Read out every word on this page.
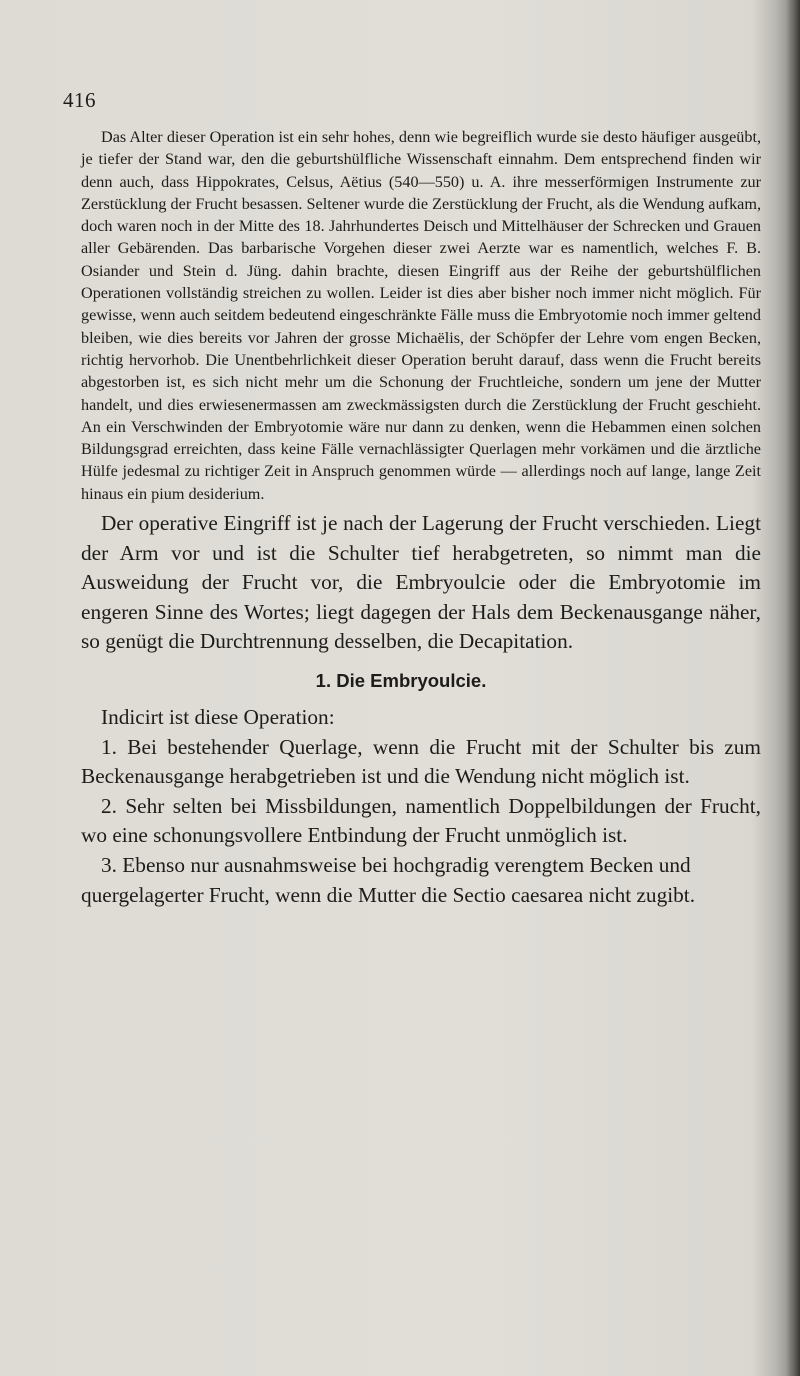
416

Das Alter dieser Operation ist ein sehr hohes, denn wie begreiflich wurde sie desto häufiger ausgeübt, je tiefer der Stand war, den die geburtshülfliche Wissenschaft einnahm. Dem entsprechend finden wir denn auch, dass Hippokrates, Celsus, Aëtius (540—550) u. A. ihre messerförmigen Instrumente zur Zerstücklung der Frucht besassen. Seltener wurde die Zerstücklung der Frucht, als die Wendung aufkam, doch waren noch in der Mitte des 18. Jahrhundertes Deisch und Mittelhäuser der Schrecken und Grauen aller Gebärenden. Das barbarische Vorgehen dieser zwei Aerzte war es namentlich, welches F. B. Osiander und Stein d. Jüng. dahin brachte, diesen Eingriff aus der Reihe der geburtshülflichen Operationen vollständig streichen zu wollen. Leider ist dies aber bisher noch immer nicht möglich. Für gewisse, wenn auch seitdem bedeutend eingeschränkte Fälle muss die Embryotomie noch immer geltend bleiben, wie dies bereits vor Jahren der grosse Michaëlis, der Schöpfer der Lehre vom engen Becken, richtig hervorhob. Die Unentbehrlichkeit dieser Operation beruht darauf, dass wenn die Frucht bereits abgestorben ist, es sich nicht mehr um die Schonung der Fruchtleiche, sondern um jene der Mutter handelt, und dies erwiesenermassen am zweckmässigsten durch die Zerstücklung der Frucht geschieht. An ein Verschwinden der Embryotomie wäre nur dann zu denken, wenn die Hebammen einen solchen Bildungsgrad erreichten, dass keine Fälle vernachlässigter Querlagen mehr vorkämen und die ärztliche Hülfe jedesmal zu richtiger Zeit in Anspruch genommen würde — allerdings noch auf lange, lange Zeit hinaus ein pium desiderium.

Der operative Eingriff ist je nach der Lagerung der Frucht verschieden. Liegt der Arm vor und ist die Schulter tief herabgetreten, so nimmt man die Ausweidung der Frucht vor, die Embryoulcie oder die Embryotomie im engeren Sinne des Wortes; liegt dagegen der Hals dem Beckenausgange näher, so genügt die Durchtrennung desselben, die Decapitation.

1. Die Embryoulcie.

Indicirt ist diese Operation:

1. Bei bestehender Querlage, wenn die Frucht mit der Schulter bis zum Beckenausgange herabgetrieben ist und die Wendung nicht möglich ist.

2. Sehr selten bei Missbildungen, namentlich Doppelbildungen der Frucht, wo eine schonungsvollere Entbindung der Frucht unmöglich ist.

3. Ebenso nur ausnahmsweise bei hochgradig verengtem Becken und quergelagerter Frucht, wenn die Mutter die Sectio caesarea nicht zugibt.
